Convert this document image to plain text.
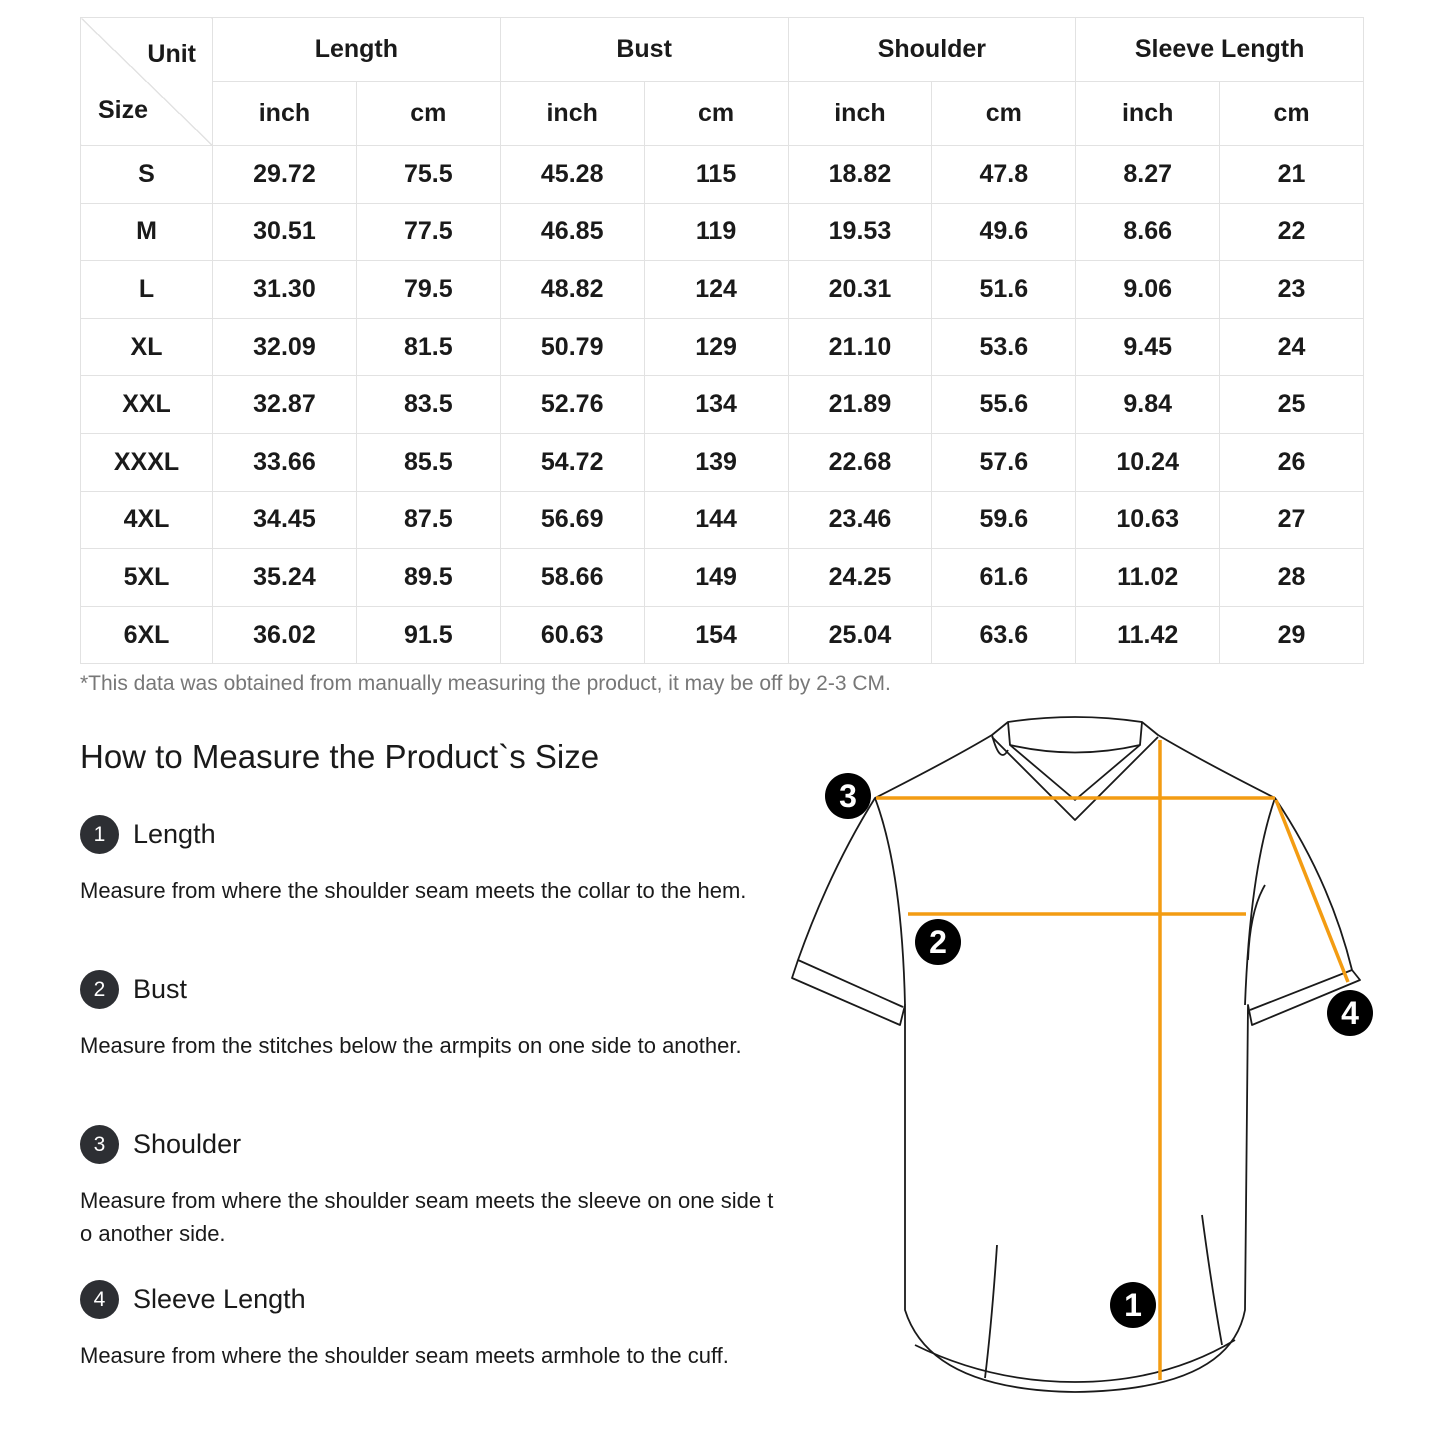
Unit
Size	Length		Bust		Shoulder		Sleeve Length	
	inch	cm	inch	cm	inch	cm	inch	cm
S	29.72	75.5	45.28	115	18.82	47.8	8.27	21
M	30.51	77.5	46.85	119	19.53	49.6	8.66	22
L	31.30	79.5	48.82	124	20.31	51.6	9.06	23
XL	32.09	81.5	50.79	129	21.10	53.6	9.45	24
XXL	32.87	83.5	52.76	134	21.89	55.6	9.84	25
XXXL	33.66	85.5	54.72	139	22.68	57.6	10.24	26
4XL	34.45	87.5	56.69	144	23.46	59.6	10.63	27
5XL	35.24	89.5	58.66	149	24.25	61.6	11.02	28
6XL	36.02	91.5	60.63	154	25.04	63.6	11.42	29
*This data was obtained from manually measuring the product, it may be off by 2-3 CM.
How to Measure the Product`s Size
1	Length
Measure from where the shoulder seam meets the collar to the hem.
2	Bust
Measure from the stitches below the armpits on one side to another.
3	Shoulder
Measure from where the shoulder seam meets the sleeve on one side to another side.
4	Sleeve Length
Measure from where the shoulder seam meets armhole to the cuff.
1
2
3
4
